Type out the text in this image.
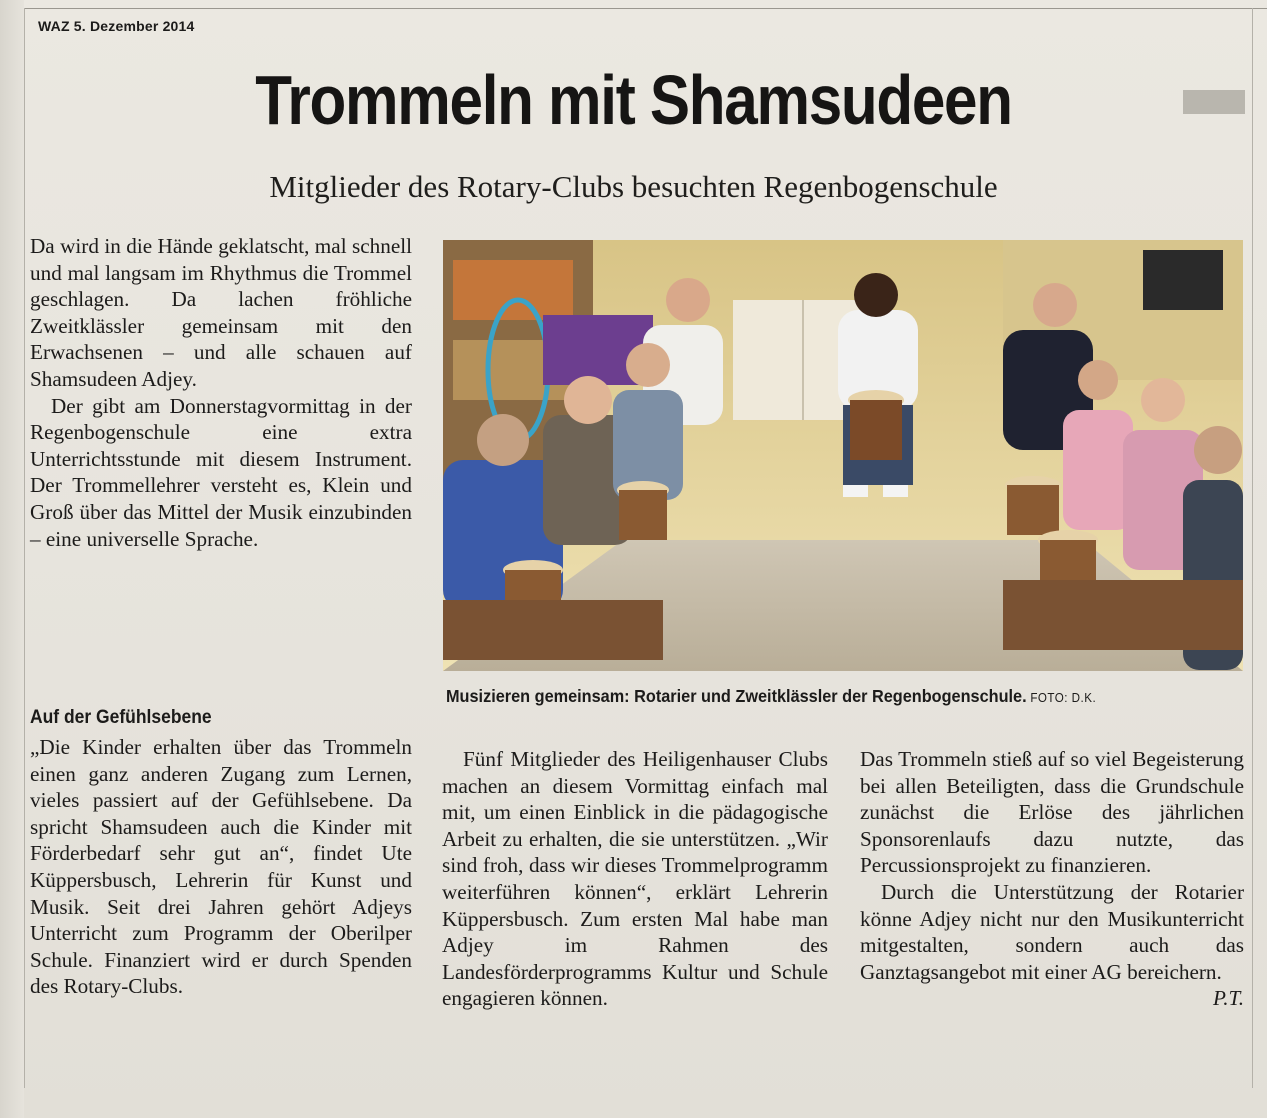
WAZ 5. Dezember 2014
Trommeln mit Shamsudeen
Mitglieder des Rotary-Clubs besuchten Regenbogenschule

Da wird in die Hände geklatscht, mal schnell und mal langsam im Rhythmus die Trommel geschlagen. Da lachen fröhliche Zweitklässler gemeinsam mit den Erwachsenen – und alle schauen auf Shamsudeen Adjey.

Der gibt am Donnerstagvormittag in der Regenbogenschule eine extra Unterrichtsstunde mit diesem Instrument. Der Trommellehrer versteht es, Klein und Groß über das Mittel der Musik einzubinden – eine universelle Sprache.

Musizieren gemeinsam: Rotarier und Zweitklässler der Regenbogenschule. FOTO: D.K.
Auf der Gefühlsebene

„Die Kinder erhalten über das Trommeln einen ganz anderen Zugang zum Lernen, vieles passiert auf der Gefühlsebene. Da spricht Shamsudeen auch die Kinder mit Förderbedarf sehr gut an“, findet Ute Küppersbusch, Lehrerin für Kunst und Musik. Seit drei Jahren gehört Adjeys Unterricht zum Programm der Oberilper Schule. Finanziert wird er durch Spenden des Rotary-Clubs.

Fünf Mitglieder des Heiligenhauser Clubs machen an diesem Vormittag einfach mal mit, um einen Einblick in die pädagogische Arbeit zu erhalten, die sie unterstützen. „Wir sind froh, dass wir dieses Trommelprogramm weiterführen können“, erklärt Lehrerin Küppersbusch. Zum ersten Mal habe man Adjey im Rahmen des Landesförderprogramms Kultur und Schule engagieren können.

Das Trommeln stieß auf so viel Begeisterung bei allen Beteiligten, dass die Grundschule zunächst die Erlöse des jährlichen Sponsorenlaufs dazu nutzte, das Percussionsprojekt zu finanzieren.

Durch die Unterstützung der Rotarier könne Adjey nicht nur den Musikunterricht mitgestalten, sondern auch das Ganztagsangebot mit einer AG bereichern.
P.T.
